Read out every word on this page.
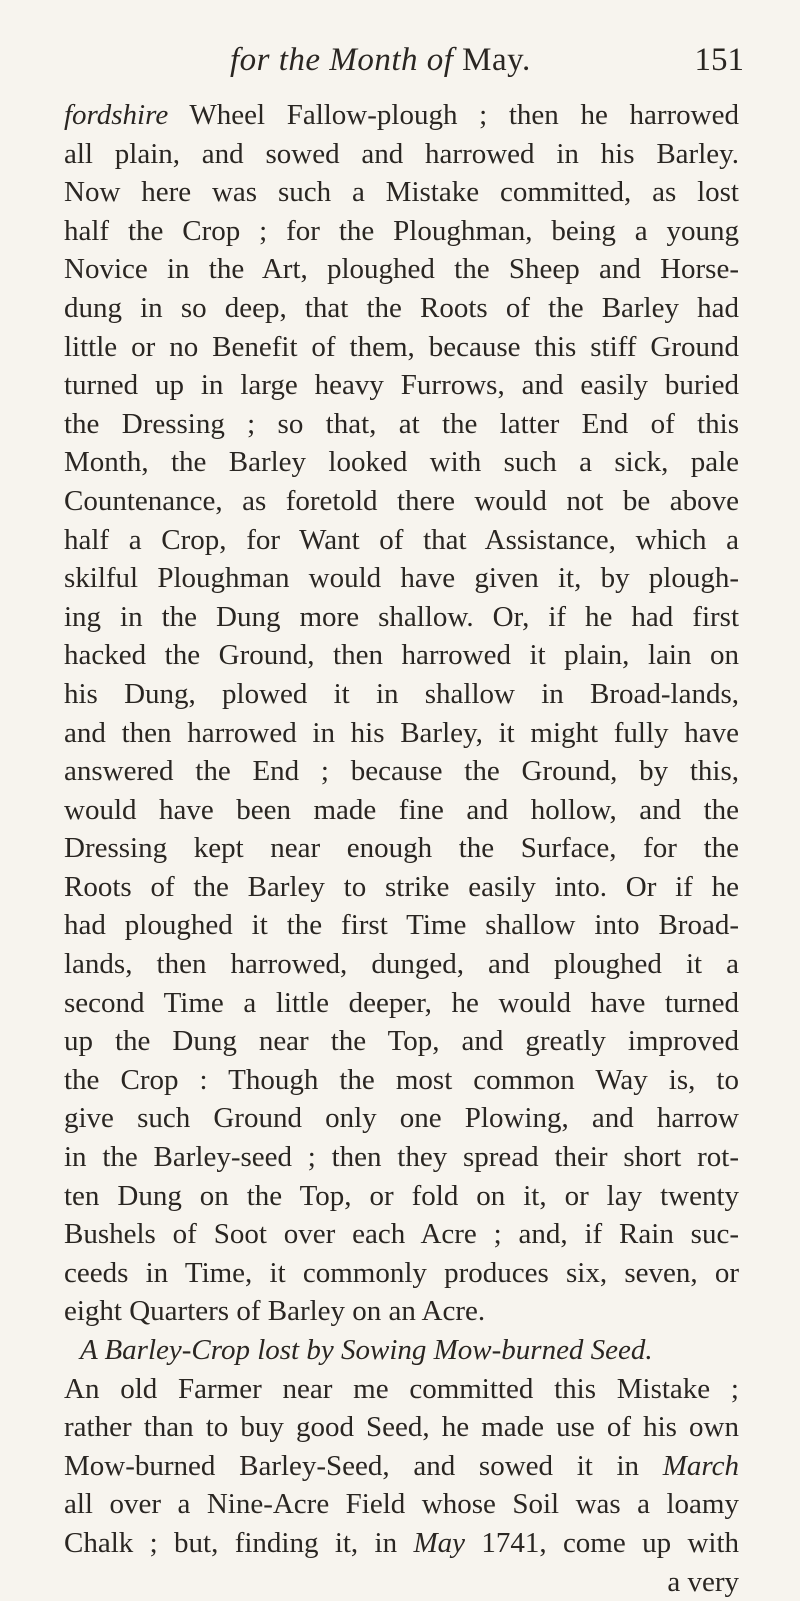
for the Month of May.	151
fordshire Wheel Fallow-plough ; then he harrowed
all plain, and sowed and harrowed in his Barley.
Now here was such a Mistake committed, as lost
half the Crop ; for the Ploughman, being a young
Novice in the Art, ploughed the Sheep and Horse-
dung in so deep, that the Roots of the Barley had
little or no Benefit of them, because this stiff Ground
turned up in large heavy Furrows, and easily buried
the Dressing ; so that, at the latter End of this
Month, the Barley looked with such a sick, pale
Countenance, as foretold there would not be above
half a Crop, for Want of that Assistance, which a
skilful Ploughman would have given it, by plough-
ing in the Dung more shallow. Or, if he had first
hacked the Ground, then harrowed it plain, lain on
his Dung, plowed it in shallow in Broad-lands,
and then harrowed in his Barley, it might fully have
answered the End ; because the Ground, by this,
would have been made fine and hollow, and the
Dressing kept near enough the Surface, for the
Roots of the Barley to strike easily into. Or if he
had ploughed it the first Time shallow into Broad-
lands, then harrowed, dunged, and ploughed it a
second Time a little deeper, he would have turned
up the Dung near the Top, and greatly improved
the Crop : Though the most common Way is, to
give such Ground only one Plowing, and harrow
in the Barley-seed ; then they spread their short rot-
ten Dung on the Top, or fold on it, or lay twenty
Bushels of Soot over each Acre ; and, if Rain suc-
ceeds in Time, it commonly produces six, seven, or
eight Quarters of Barley on an Acre.
A Barley-Crop lost by Sowing Mow-burned Seed.
An old Farmer near me committed this Mistake ;
rather than to buy good Seed, he made use of his own
Mow-burned Barley-Seed, and sowed it in March
all over a Nine-Acre Field whose Soil was a loamy
Chalk ; but, finding it, in May 1741, come up with
a very
